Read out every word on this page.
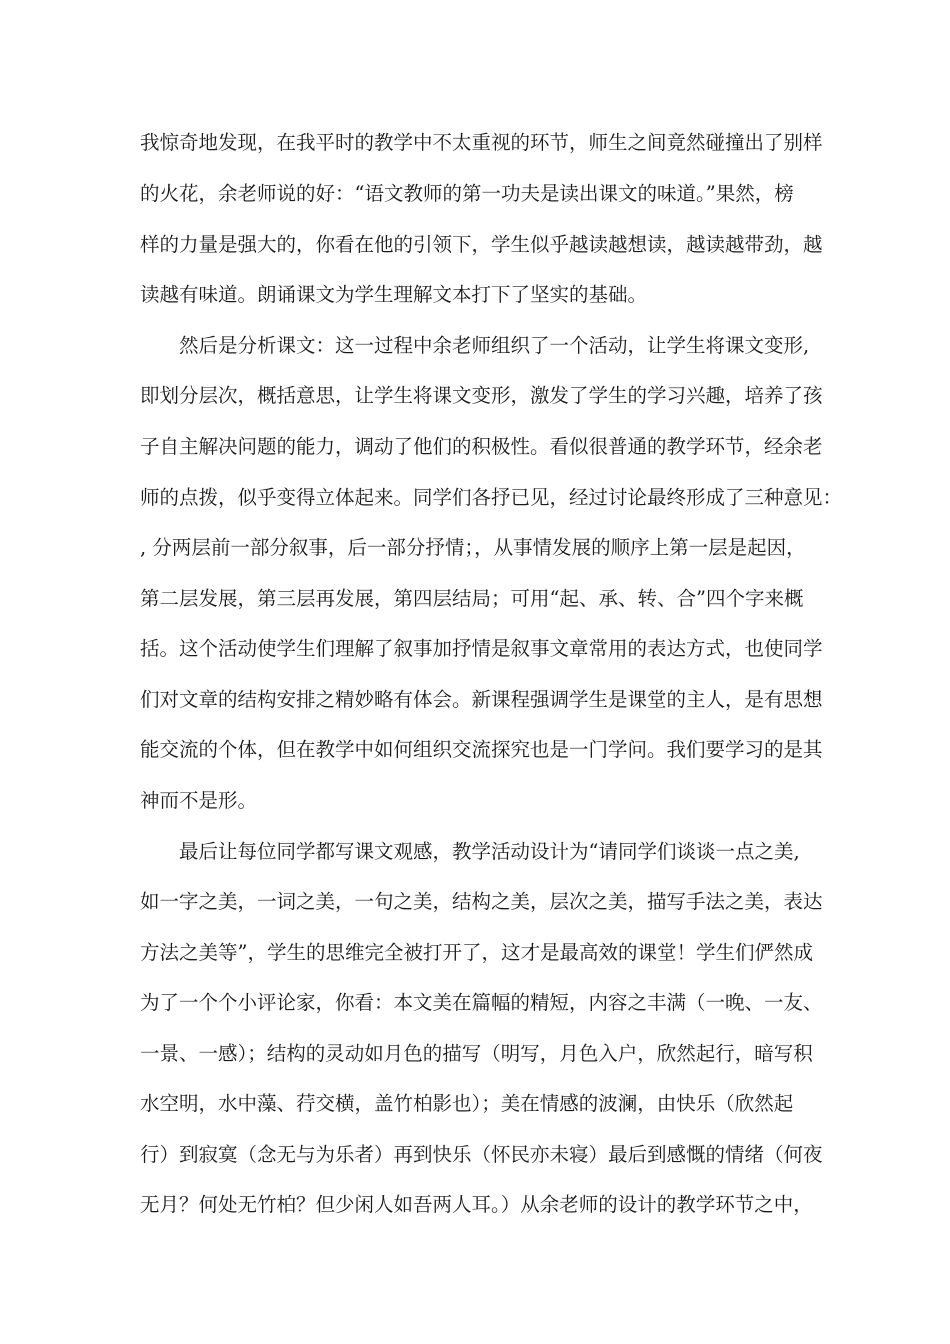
我惊奇地发现，在我平时的教学中不太重视的环节，师生之间竟然碰撞出了别样

的火花，余老师说的好：“语文教师的第一功夫是读出课文的味道。”果然，榜

样的力量是强大的，你看在他的引领下，学生似乎越读越想读，越读越带劲，越

读越有味道。朗诵课文为学生理解文本打下了坚实的基础。

然后是分析课文：这一过程中余老师组织了一个活动，让学生将课文变形,

即划分层次，概括意思，让学生将课文变形，激发了学生的学习兴趣，培养了孩

子自主解决问题的能力，调动了他们的积极性。看似很普通的教学环节，经余老

师的点拨，似乎变得立体起来。同学们各抒已见，经过讨论最终形成了三种意见：

, 分两层前一部分叙事，后一部分抒情；，从事情发展的顺序上第一层是起因，

第二层发展，第三层再发展，第四层结局；可用“起、承、转、合”四个字来概

括。这个活动使学生们理解了叙事加抒情是叙事文章常用的表达方式，也使同学

们对文章的结构安排之精妙略有体会。新课程强调学生是课堂的主人，是有思想

能交流的个体，但在教学中如何组织交流探究也是一门学问。我们要学习的是其

神而不是形。

最后让每位同学都写课文观感，教学活动设计为“请同学们谈谈一点之美,

如一字之美，一词之美，一句之美，结构之美，层次之美，描写手法之美，表达

方法之美等”，学生的思维完全被打开了，这才是最高效的课堂！学生们俨然成

为了一个个小评论家，你看：本文美在篇幅的精短，内容之丰满（一晚、一友、

一景、一感）；结构的灵动如月色的描写（明写，月色入户，欣然起行，暗写积

水空明，水中藻、荇交横，盖竹柏影也）；美在情感的波澜，由快乐（欣然起

行）到寂寞（念无与为乐者）再到快乐（怀民亦未寝）最后到感慨的情绪（何夜

无月？何处无竹柏？但少闲人如吾两人耳。）从余老师的设计的教学环节之中，
